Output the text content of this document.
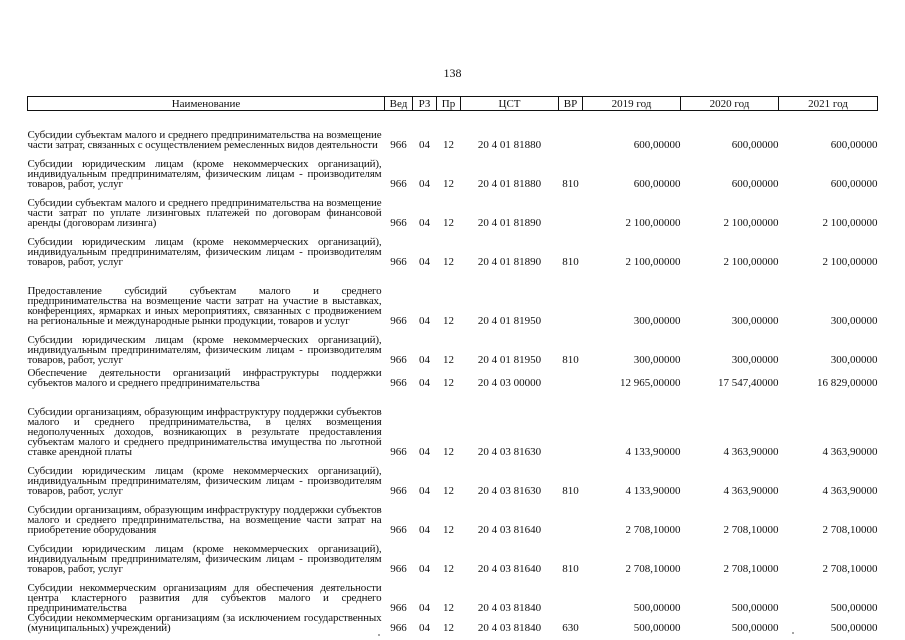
138
Наименование	Вед	РЗ	Пр	ЦСТ	ВР	2019 год	2020 год	2021 год
Субсидии субъектам малого и среднего предпринимательства на возмещение части затрат, связанных с осуществлением ремесленных видов деятельности	966	04	12	20 4 01 81880		600,00000	600,00000	600,00000
Субсидии юридическим лицам (кроме некоммерческих организаций), индивидуальным предпринимателям, физическим лицам - производителям товаров, работ, услуг	966	04	12	20 4 01 81880	810	600,00000	600,00000	600,00000
Субсидии субъектам малого и среднего предпринимательства на возмещение части затрат по уплате лизинговых платежей по договорам финансовой аренды (договорам лизинга)	966	04	12	20 4 01 81890		2 100,00000	2 100,00000	2 100,00000
Субсидии юридическим лицам (кроме некоммерческих организаций), индивидуальным предпринимателям, физическим лицам - производителям товаров, работ, услуг	966	04	12	20 4 01 81890	810	2 100,00000	2 100,00000	2 100,00000
Предоставление субсидий субъектам малого и среднего предпринимательства на возмещение части затрат на участие в выставках, конференциях, ярмарках и иных мероприятиях, связанных с продвижением на региональные и международные рынки продукции, товаров и услуг	966	04	12	20 4 01 81950		300,00000	300,00000	300,00000
Субсидии юридическим лицам (кроме некоммерческих организаций), индивидуальным предпринимателям, физическим лицам - производителям товаров, работ, услуг	966	04	12	20 4 01 81950	810	300,00000	300,00000	300,00000
Обеспечение деятельности организаций инфраструктуры поддержки субъектов малого и среднего предпринимательства	966	04	12	20 4 03 00000		12 965,00000	17 547,40000	16 829,00000
Субсидии организациям, образующим инфраструктуру поддержки субъектов малого и среднего предпринимательства, в целях возмещения недополученных доходов, возникающих в результате предоставления субъектам малого и среднего предпринимательства имущества по льготной ставке арендной платы	966	04	12	20 4 03 81630		4 133,90000	4 363,90000	4 363,90000
Субсидии юридическим лицам (кроме некоммерческих организаций), индивидуальным предпринимателям, физическим лицам - производителям товаров, работ, услуг	966	04	12	20 4 03 81630	810	4 133,90000	4 363,90000	4 363,90000
Субсидии организациям, образующим инфраструктуру поддержки субъектов малого и среднего предпринимательства, на возмещение части затрат на приобретение оборудования	966	04	12	20 4 03 81640		2 708,10000	2 708,10000	2 708,10000
Субсидии юридическим лицам (кроме некоммерческих организаций), индивидуальным предпринимателям, физическим лицам - производителям товаров, работ, услуг	966	04	12	20 4 03 81640	810	2 708,10000	2 708,10000	2 708,10000
Субсидии некоммерческим организациям для обеспечения деятельности центра кластерного развития для субъектов малого и среднего предпринимательства	966	04	12	20 4 03 81840		500,00000	500,00000	500,00000
Субсидии некоммерческим организациям (за исключением государственных (муниципальных) учреждений)	966	04	12	20 4 03 81840	630	500,00000	500,00000	500,00000
